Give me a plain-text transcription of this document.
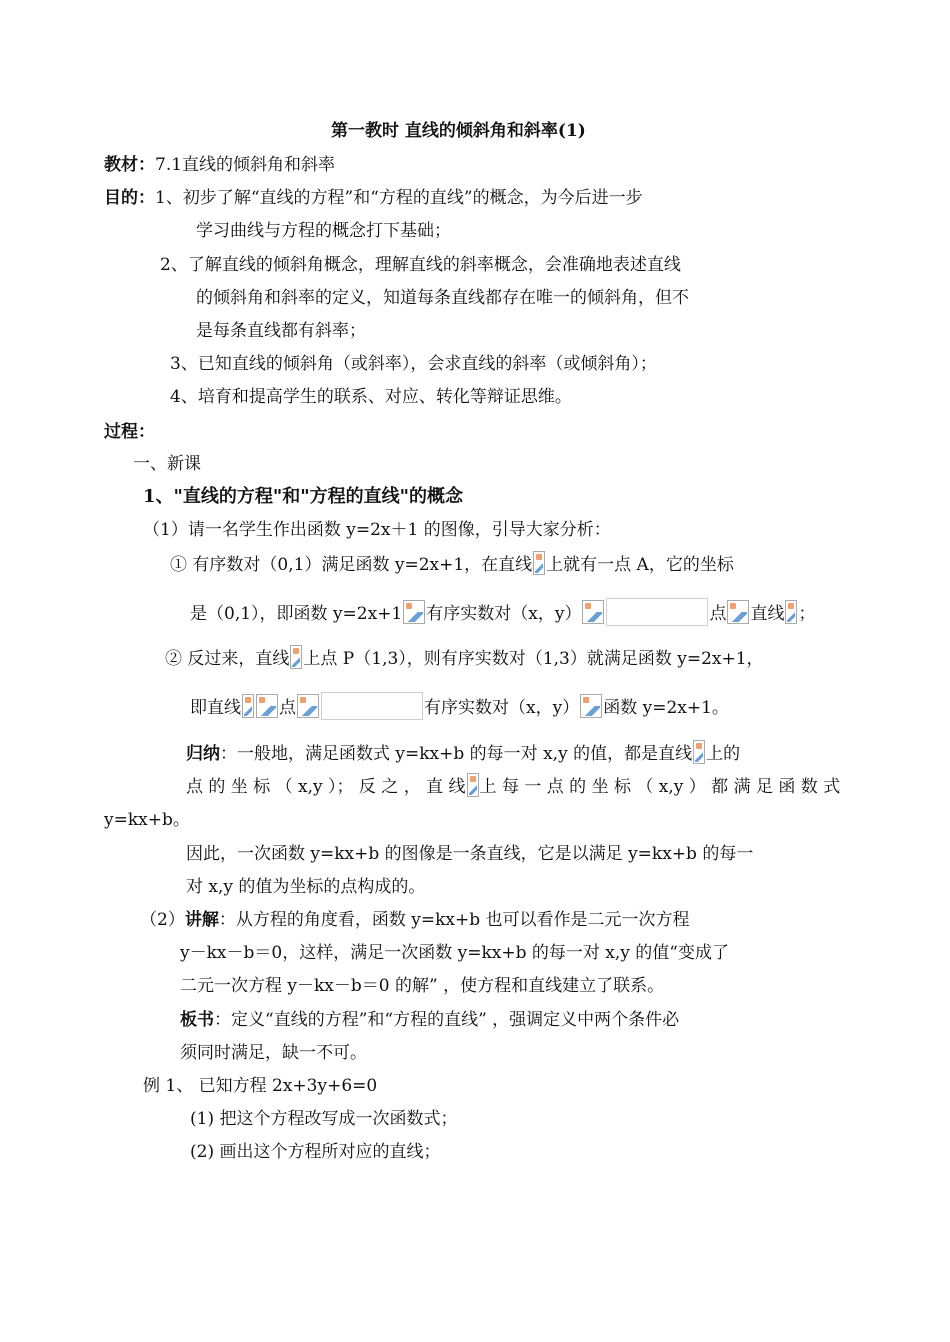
第一教时 直线的倾斜角和斜率(1)
教材：7.1直线的倾斜角和斜率
目的：1、初步了解“直线的方程”和“方程的直线”的概念，为今后进一步
学习曲线与方程的概念打下基础；
2、了解直线的倾斜角概念，理解直线的斜率概念，会准确地表述直线
的倾斜角和斜率的定义，知道每条直线都存在唯一的倾斜角，但不
是每条直线都有斜率；
3、已知直线的倾斜角（或斜率），会求直线的斜率（或倾斜角）；
4、培育和提高学生的联系、对应、转化等辩证思维。
过程：
一、新课
1、"直线的方程"和"方程的直线"的概念
（1）请一名学生作出函数 y=2x＋1 的图像，引导大家分析：
① 有序数对（0,1）满足函数 y=2x+1，在直线 上就有一点 A，它的坐标
是（0,1），即函数 y=2x+1 有序实数对（x，y）	点 直线 ；
② 反过来，直线 上点 P（1,3），则有序实数对（1,3）就满足函数 y=2x+1，
即直线 点	有序实数对（x，y） 函数 y=2x+1。
归纳：一般地，满足函数式 y=kx+b 的每一对 x,y 的值，都是直线 上的
点 的 坐 标 （ x,y ）； 反 之 ， 直 线 上 每 一 点 的 坐 标 （ x,y ） 都 满 足 函 数 式
y=kx+b。
因此，一次函数 y=kx+b 的图像是一条直线，它是以满足 y=kx+b 的每一
对 x,y 的值为坐标的点构成的。
（2）讲解：从方程的角度看，函数 y=kx+b 也可以看作是二元一次方程
y－kx－b＝0，这样，满足一次函数 y=kx+b 的每一对 x,y 的值“变成了
二元一次方程 y－kx－b＝0 的解” ，使方程和直线建立了联系。
板书：定义“直线的方程”和“方程的直线” ，强调定义中两个条件必
须同时满足，缺一不可。
例 1、 已知方程 2x+3y+6=0
(1) 把这个方程改写成一次函数式；
(2) 画出这个方程所对应的直线；
